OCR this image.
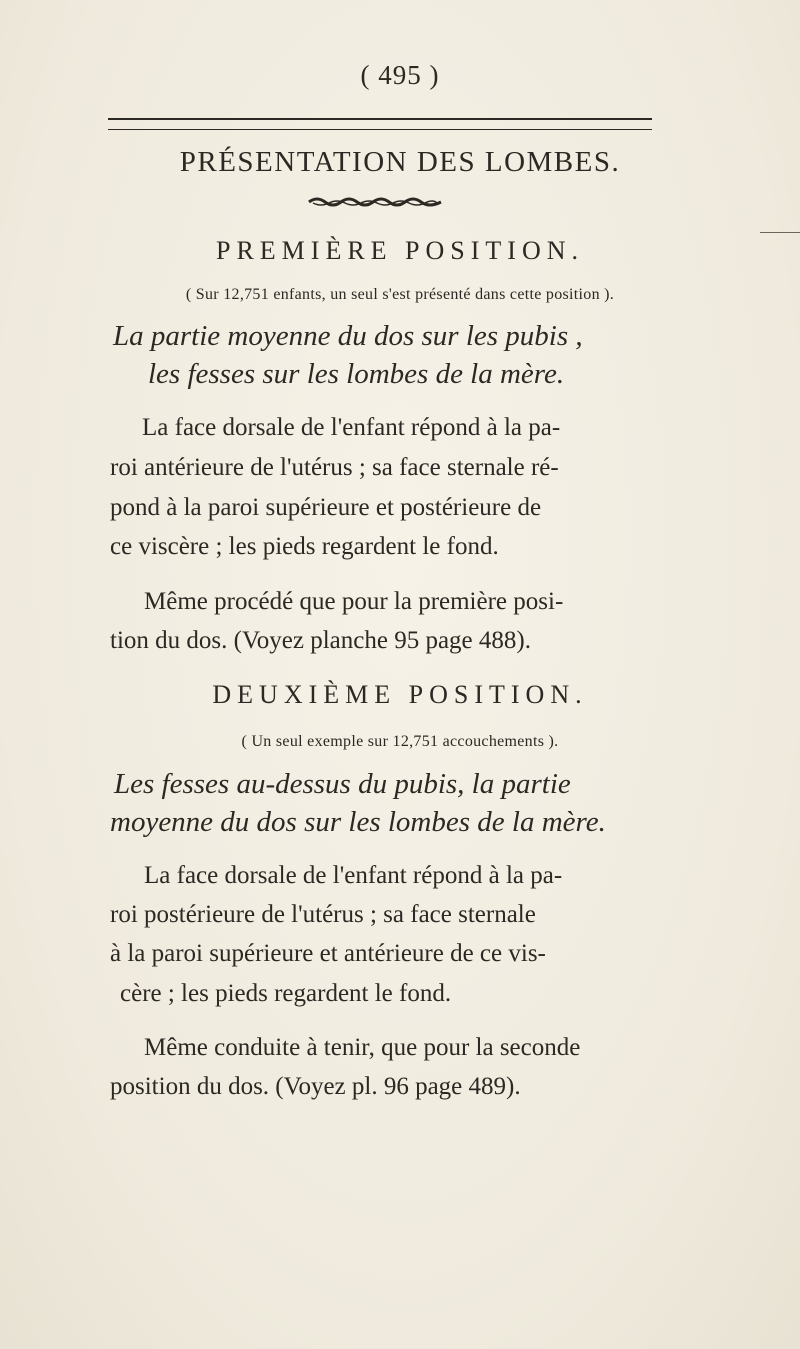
( 495 )
PRÉSENTATION DES LOMBES.
PREMIÈRE POSITION.
( Sur 12,751 enfants, un seul s'est présenté dans cette position ).
La partie moyenne du dos sur les pubis ,
les fesses sur les lombes de la mère.
La face dorsale de l'enfant répond à la pa-
roi antérieure de l'utérus ; sa face sternale ré-
pond à la paroi supérieure et postérieure de
ce viscère ; les pieds regardent le fond.
Même procédé que pour la première posi-
tion du dos. (Voyez planche 95 page 488).
DEUXIÈME POSITION.
( Un seul exemple sur 12,751 accouchements ).
Les fesses au-dessus du pubis, la partie
moyenne du dos sur les lombes de la mère.
La face dorsale de l'enfant répond à la pa-
roi postérieure de l'utérus ; sa face sternale
à la paroi supérieure et antérieure de ce vis-
cère ; les pieds regardent le fond.
Même conduite à tenir, que pour la seconde
position du dos. (Voyez pl. 96 page 489).
